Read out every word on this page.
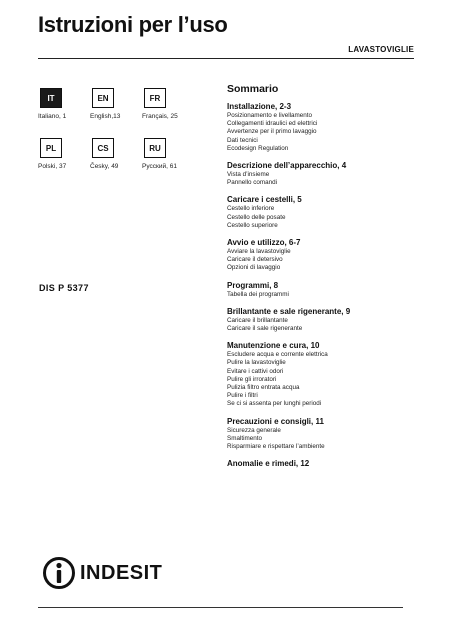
Istruzioni per l’uso
LAVASTOVIGLIE
IT
Italiano, 1
EN
English,13
FR
Français, 25
PL
Polski, 37
CS
Česky, 49
RU
Русский, 61
DIS P 5377
Sommario
Installazione, 2-3
Posizionamento e livellamento
Collegamenti idraulici ed elettrici
Avvertenze per il primo lavaggio
Dati tecnici
Ecodesign Regulation
Descrizione dell’apparecchio, 4
Vista d’insieme
Pannello comandi
Caricare i cestelli, 5
Cestello inferiore
Cestello delle posate
Cestello superiore
Avvio e utilizzo, 6-7
Avviare la lavastoviglie
Caricare il detersivo
Opzioni di lavaggio
Programmi, 8
Tabella dei programmi
Brillantante e sale rigenerante, 9
Caricare il brillantante
Caricare il sale rigenerante
Manutenzione e cura, 10
Escludere acqua e corrente elettrica
Pulire la lavastoviglie
Evitare i cattivi odori
Pulire gli irroratori
Pulizia filtro entrata acqua
Pulire i filtri
Se ci si assenta per lunghi periodi
Precauzioni e consigli, 11
Sicurezza generale
Smaltimento
Risparmiare e rispettare l’ambiente
Anomalie e rimedi, 12
INDESIT
